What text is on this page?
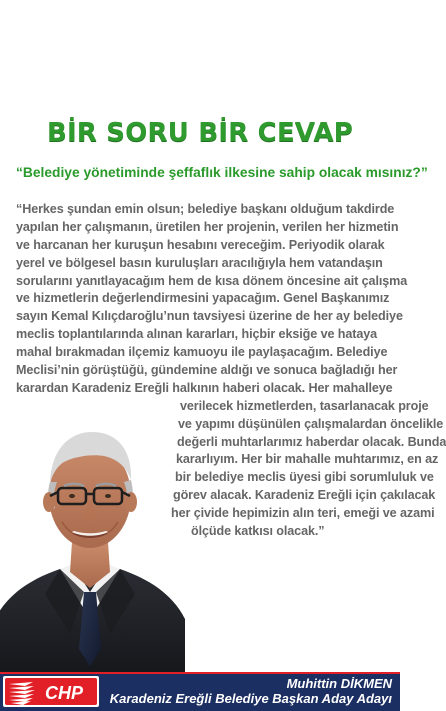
BİR SORU BİR CEVAP
“Belediye yönetiminde şeffaflık ilkesine sahip olacak mısınız?”
“Herkes şundan emin olsun; belediye başkanı olduğum takdirde
yapılan her çalışmanın, üretilen her projenin, verilen her hizmetin
ve harcanan her kuruşun hesabını vereceğim. Periyodik olarak
yerel ve bölgesel basın kuruluşları aracılığıyla hem vatandaşın
sorularını yanıtlayacağım hem de kısa dönem öncesine ait çalışma
ve hizmetlerin değerlendirmesini yapacağım. Genel Başkanımız
sayın Kemal Kılıçdaroğlu’nun tavsiyesi üzerine de her ay belediye
meclis toplantılarında alınan kararları, hiçbir eksiğe ve hataya
mahal bırakmadan ilçemiz kamuoyu ile paylaşacağım. Belediye
Meclisi’nin görüştüğü, gündemine aldığı ve sonuca bağladığı her
karardan Karadeniz Ereğli halkının haberi olacak. Her mahalleye
verilecek hizmetlerden, tasarlanacak proje
ve yapımı düşünülen çalışmalardan öncelikle
değerli muhtarlarımız haberdar olacak. Bunda
kararlıyım. Her bir mahalle muhtarımız, en az
bir belediye meclis üyesi gibi sorumluluk ve
görev alacak. Karadeniz Ereğli için çakılacak
her çivide hepimizin alın teri, emeği ve azami
ölçüde katkısı olacak.”
CHP	Muhittin DİKMEN
Karadeniz Ereğli Belediye Başkan Aday Adayı
